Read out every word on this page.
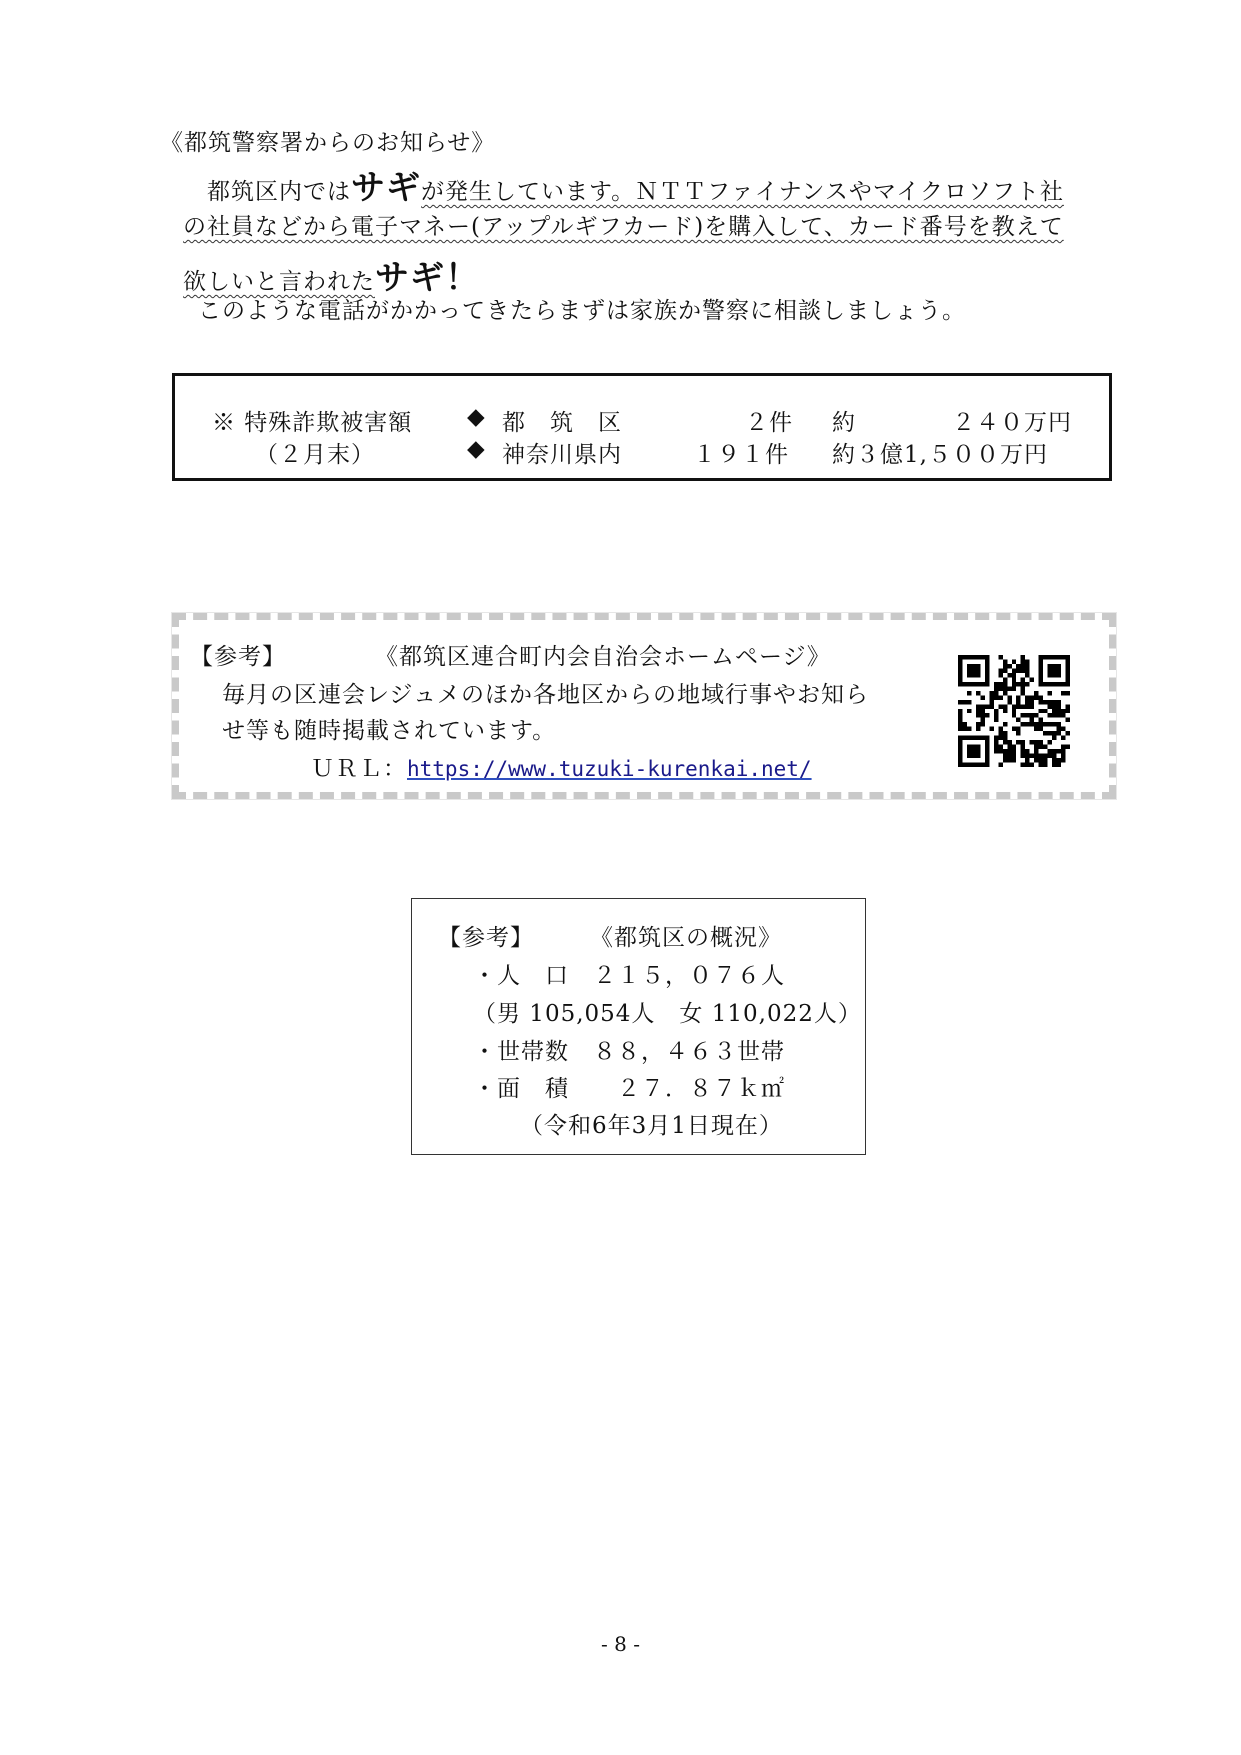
《都筑警察署からのお知らせ》
都筑区内ではサギが発生しています。ＮＴＴファイナンスやマイクロソフト社
の社員などから電子マネー(アップルギフカード)を購入して、カード番号を教えて
欲しいと言われたサギ！
このような電話がかかってきたらまずは家族か警察に相談しましょう。
※ 特殊詐欺被害額
（２月末）
◆ 都　筑　区	２件 約　　　　２４０万円
◆ 神奈川県内	１９１件 約３億1,５００万円
【参考】	《都筑区連合町内会自治会ホームページ》
毎月の区連会レジュメのほか各地区からの地域行事やお知ら
せ等も随時掲載されています。
ＵＲＬ：https://www.tuzuki-kurenkai.net/
【参考】 《都筑区の概況》
・人　口　２１５，０７６人
（男 105,054人　女 110,022人）
・世帯数　８８，４６３世帯
・面　積　　２７．８７ｋ㎡
（令和6年3月1日現在）
- 8 -
